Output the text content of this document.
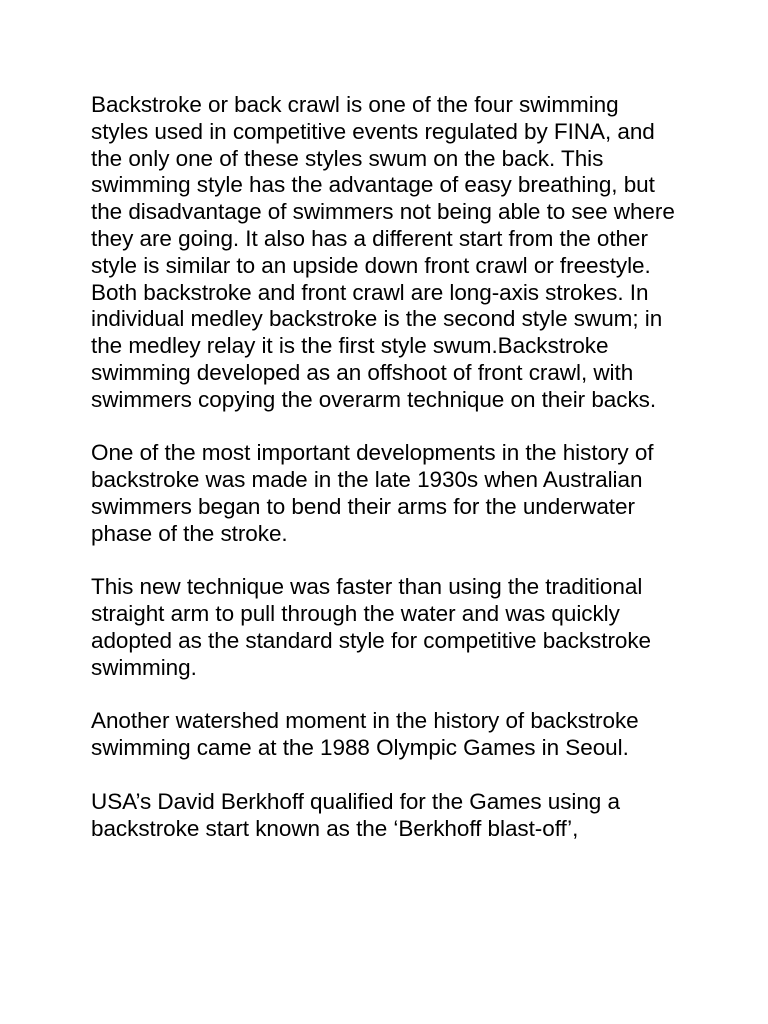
Backstroke or back crawl is one of the four swimming styles used in competitive events regulated by FINA, and the only one of these styles swum on the back. This swimming style has the advantage of easy breathing, but the disadvantage of swimmers not being able to see where they are going. It also has a different start from the other style is similar to an upside down front crawl or freestyle. Both backstroke and front crawl are long-axis strokes. In individual medley backstroke is the second style swum; in the medley relay it is the first style swum.Backstroke swimming developed as an offshoot of front crawl, with swimmers copying the overarm technique on their backs.

One of the most important developments in the history of backstroke was made in the late 1930s when Australian swimmers began to bend their arms for the underwater phase of the stroke.

This new technique was faster than using the traditional straight arm to pull through the water and was quickly adopted as the standard style for competitive backstroke swimming.

Another watershed moment in the history of backstroke swimming came at the 1988 Olympic Games in Seoul.

USA’s David Berkhoff qualified for the Games using a backstroke start known as the ‘Berkhoff blast-off’,
